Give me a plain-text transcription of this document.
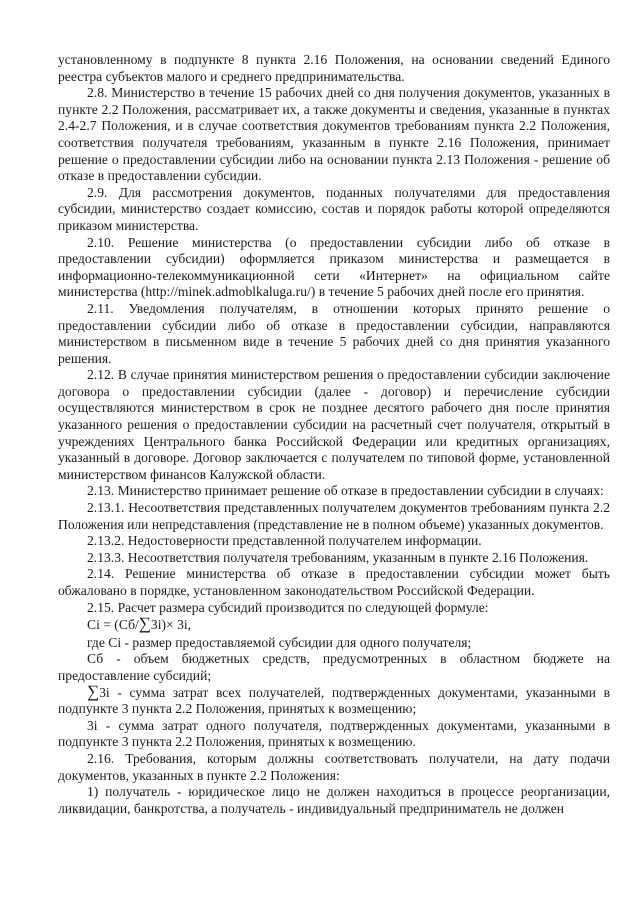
установленному в подпункте 8 пункта 2.16 Положения, на основании сведений Единого реестра субъектов малого и среднего предпринимательства.

2.8. Министерство в течение 15 рабочих дней со дня получения документов, указанных в пункте 2.2 Положения, рассматривает их, а также документы и сведения, указанные в пунктах 2.4-2.7 Положения, и в случае соответствия документов требованиям пункта 2.2 Положения, соответствия получателя требованиям, указанным в пункте 2.16 Положения, принимает решение о предоставлении субсидии либо на основании пункта 2.13 Положения - решение об отказе в предоставлении субсидии.

2.9. Для рассмотрения документов, поданных получателями для предоставления субсидии, министерство создает комиссию, состав и порядок работы которой определяются приказом министерства.

2.10. Решение министерства (о предоставлении субсидии либо об отказе в предоставлении субсидии) оформляется приказом министерства и размещается в информационно-телекоммуникационной сети «Интернет» на официальном сайте министерства (http://minek.admoblkaluga.ru/) в течение 5 рабочих дней после его принятия.

2.11. Уведомления получателям, в отношении которых принято решение о предоставлении субсидии либо об отказе в предоставлении субсидии, направляются министерством в письменном виде в течение 5 рабочих дней со дня принятия указанного решения.

2.12. В случае принятия министерством решения о предоставлении субсидии заключение договора о предоставлении субсидии (далее - договор) и перечисление субсидии осуществляются министерством в срок не позднее десятого рабочего дня после принятия указанного решения о предоставлении субсидии на расчетный счет получателя, открытый в учреждениях Центрального банка Российской Федерации или кредитных организациях, указанный в договоре. Договор заключается с получателем по типовой форме, установленной министерством финансов Калужской области.

2.13. Министерство принимает решение об отказе в предоставлении субсидии в случаях:

2.13.1. Несоответствия представленных получателем документов требованиям пункта 2.2 Положения или непредставления (представление не в полном объеме) указанных документов.

2.13.2. Недостоверности представленной получателем информации.

2.13.3. Несоответствия получателя требованиям, указанным в пункте 2.16 Положения.

2.14. Решение министерства об отказе в предоставлении субсидии может быть обжаловано в порядке, установленном законодательством Российской Федерации.

2.15. Расчет размера субсидий производится по следующей формуле:

Ci = (Сб/∑3i)× 3i,

где Ci - размер предоставляемой субсидии для одного получателя;

Сб - объем бюджетных средств, предусмотренных в областном бюджете на предоставление субсидий;

∑3i - сумма затрат всех получателей, подтвержденных документами, указанными в подпункте 3 пункта 2.2 Положения, принятых к возмещению;

3i - сумма затрат одного получателя, подтвержденных документами, указанными в подпункте 3 пункта 2.2 Положения, принятых к возмещению.

2.16. Требования, которым должны соответствовать получатели, на дату подачи документов, указанных в пункте 2.2 Положения:

1) получатель - юридическое лицо не должен находиться в процессе реорганизации, ликвидации, банкротства, а получатель - индивидуальный предприниматель не должен
